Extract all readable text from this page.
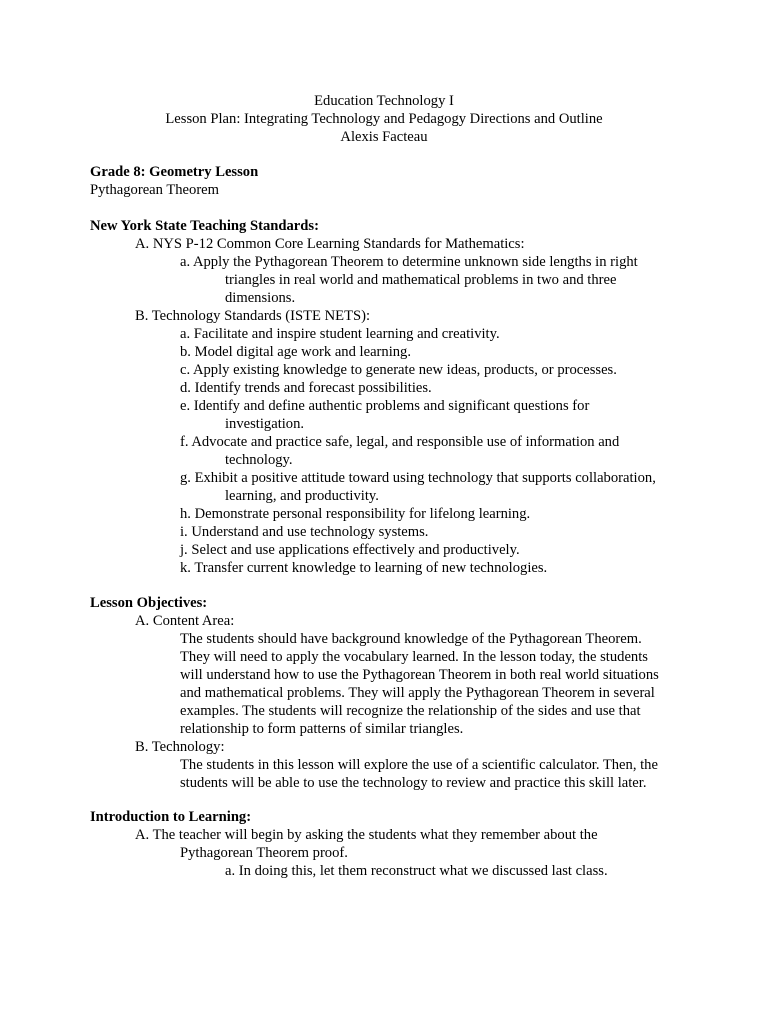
Education Technology I
Lesson Plan: Integrating Technology and Pedagogy Directions and Outline
Alexis Facteau
Grade 8: Geometry Lesson
Pythagorean Theorem
New York State Teaching Standards:
A. NYS P-12 Common Core Learning Standards for Mathematics:
a. Apply the Pythagorean Theorem to determine unknown side lengths in right
triangles in real world and mathematical problems in two and three
dimensions.
B. Technology Standards (ISTE NETS):
a. Facilitate and inspire student learning and creativity.
b. Model digital age work and learning.
c. Apply existing knowledge to generate new ideas, products, or processes.
d. Identify trends and forecast possibilities.
e. Identify and define authentic problems and significant questions for
investigation.
f. Advocate and practice safe, legal, and responsible use of information and
technology.
g. Exhibit a positive attitude toward using technology that supports collaboration,
learning, and productivity.
h. Demonstrate personal responsibility for lifelong learning.
i. Understand and use technology systems.
j. Select and use applications effectively and productively.
k. Transfer current knowledge to learning of new technologies.
Lesson Objectives:
A. Content Area:
The students should have background knowledge of the Pythagorean Theorem.
They will need to apply the vocabulary learned. In the lesson today, the students
will understand how to use the Pythagorean Theorem in both real world situations
and mathematical problems. They will apply the Pythagorean Theorem in several
examples. The students will recognize the relationship of the sides and use that
relationship to form patterns of similar triangles.
B. Technology:
The students in this lesson will explore the use of a scientific calculator. Then, the
students will be able to use the technology to review and practice this skill later.
Introduction to Learning:
A. The teacher will begin by asking the students what they remember about the
Pythagorean Theorem proof.
a. In doing this, let them reconstruct what we discussed last class.
